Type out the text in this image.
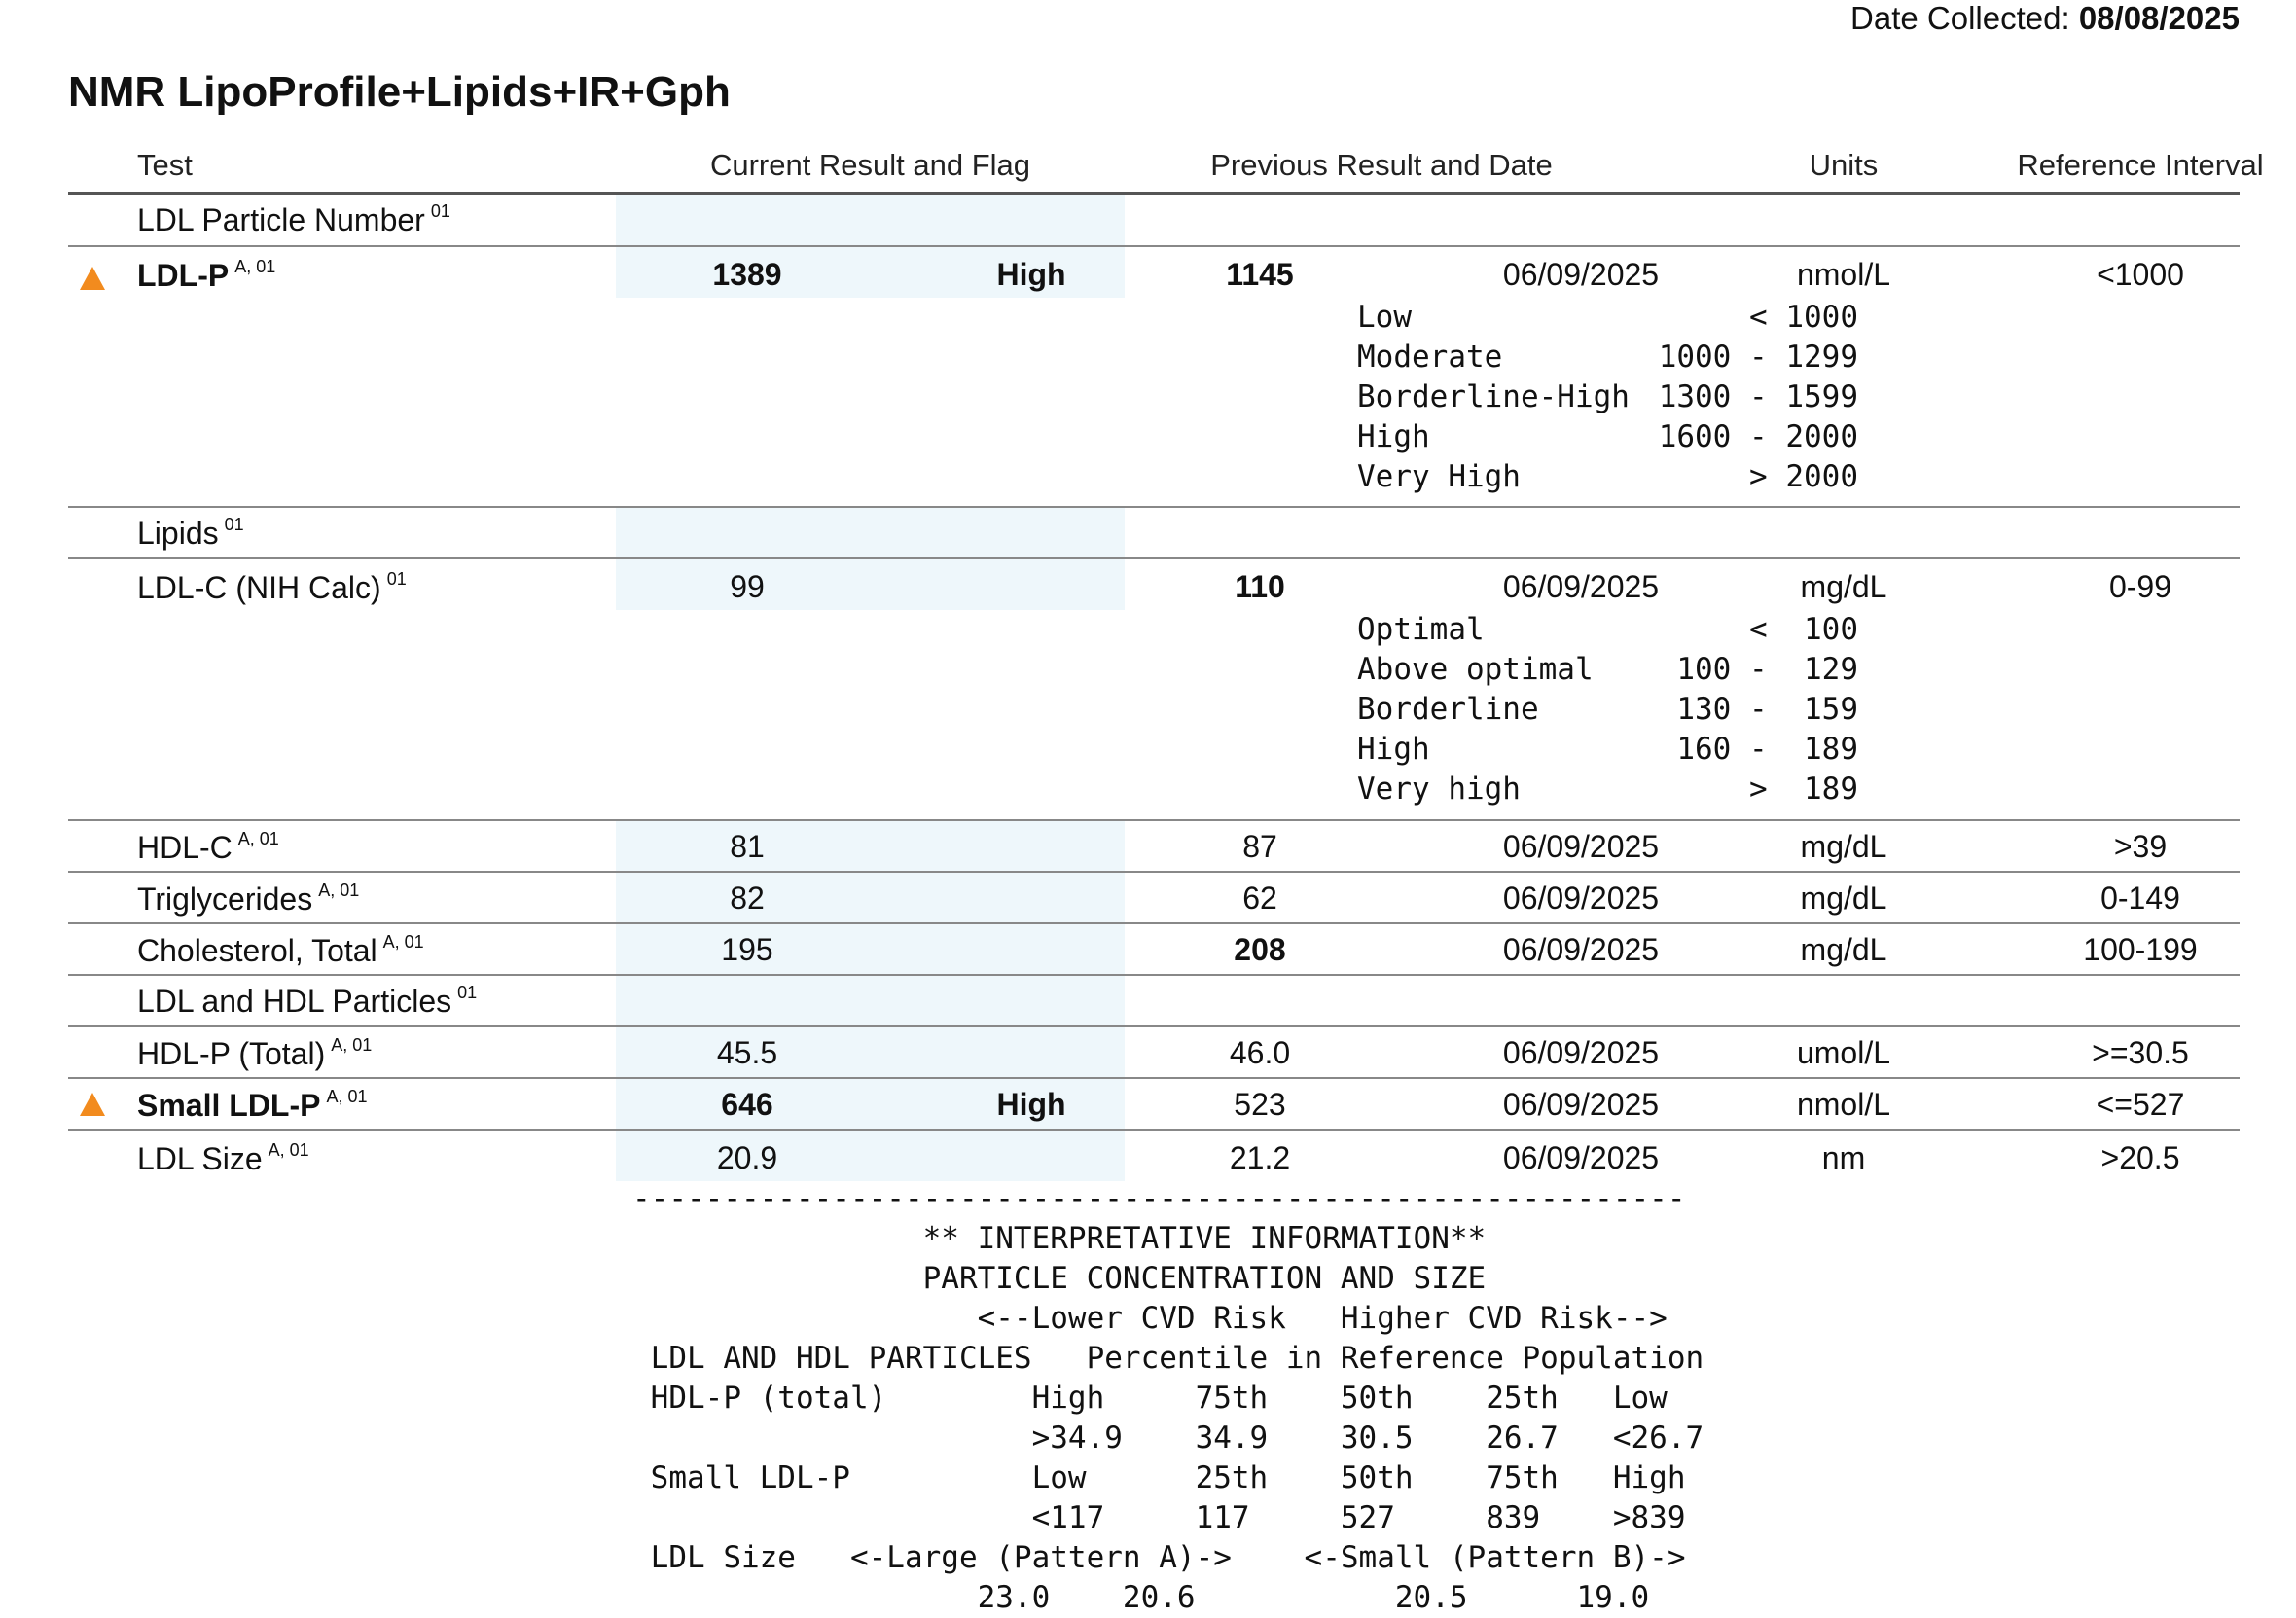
Date Collected: 08/08/2025
NMR LipoProfile+Lipids+IR+Gph
Test	Current Result and Flag	Previous Result and Date	Units	Reference Interval
LDL Particle Number $^{01}$
LDL-P $^{A, 01}$	1389	High	1145	06/09/2025	nmol/L	<1000
Low	< 1000
Moderate	1000 - 1299
Borderline-High 1300 - 1599
High	1600 - 2000
Very High	> 2000
Lipids $^{01}$
LDL-C (NIH Calc) $^{01}$	99	110	06/09/2025	mg/dL	0-99
Optimal	<  100
Above optimal	100 -  129
Borderline	130 -  159
High	160 -  189
Very high	>  189
HDL-C $^{A, 01}$	81	87	06/09/2025	mg/dL	>39
Triglycerides $^{A, 01}$	82	62	06/09/2025	mg/dL	0-149
Cholesterol, Total $^{A, 01}$	195	208	06/09/2025	mg/dL	100-199
LDL and HDL Particles $^{01}$
HDL-P (Total) $^{A, 01}$	45.5	46.0	06/09/2025	umol/L	>=30.5
Small LDL-P $^{A, 01}$	646	High	523	06/09/2025	nmol/L	<=527
LDL Size $^{A, 01}$	20.9	21.2	06/09/2025	nm	>20.5
----------------------------------------------------------
** INTERPRETATIVE INFORMATION**
PARTICLE CONCENTRATION AND SIZE
<--Lower CVD Risk   Higher CVD Risk-->
LDL AND HDL PARTICLES   Percentile in Reference Population
HDL-P (total)        High     75th    50th    25th   Low
>34.9    34.9    30.5    26.7   <26.7
Small LDL-P          Low      25th    50th    75th   High
<117     117     527     839    >839
LDL Size   <-Large (Pattern A)->    <-Small (Pattern B)->
23.0    20.6           20.5      19.0
